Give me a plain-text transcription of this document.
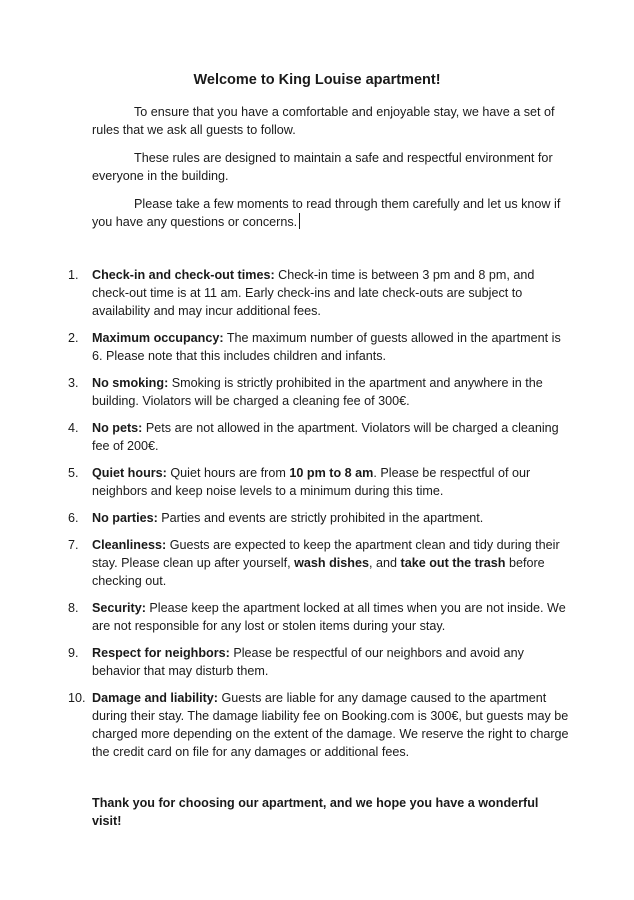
Welcome to King Louise apartment!

To ensure that you have a comfortable and enjoyable stay, we have a set of rules that we ask all guests to follow.

These rules are designed to maintain a safe and respectful environment for everyone in the building.

Please take a few moments to read through them carefully and let us know if you have any questions or concerns.

1.	Check-in and check-out times: Check-in time is between 3 pm and 8 pm, and check-out time is at 11 am. Early check-ins and late check-outs are subject to availability and may incur additional fees.
2.	Maximum occupancy: The maximum number of guests allowed in the apartment is 6. Please note that this includes children and infants.
3.	No smoking: Smoking is strictly prohibited in the apartment and anywhere in the building. Violators will be charged a cleaning fee of 300€.
4.	No pets: Pets are not allowed in the apartment. Violators will be charged a cleaning fee of 200€.
5.	Quiet hours: Quiet hours are from 10 pm to 8 am. Please be respectful of our neighbors and keep noise levels to a minimum during this time.
6.	No parties: Parties and events are strictly prohibited in the apartment.
7.	Cleanliness: Guests are expected to keep the apartment clean and tidy during their stay. Please clean up after yourself, wash dishes, and take out the trash before checking out.
8.	Security: Please keep the apartment locked at all times when you are not inside. We are not responsible for any lost or stolen items during your stay.
9.	Respect for neighbors: Please be respectful of our neighbors and avoid any behavior that may disturb them.
10. Damage and liability: Guests are liable for any damage caused to the apartment during their stay. The damage liability fee on Booking.com is 300€, but guests may be charged more depending on the extent of the damage. We reserve the right to charge the credit card on file for any damages or additional fees.
Thank you for choosing our apartment, and we hope you have a wonderful visit!
